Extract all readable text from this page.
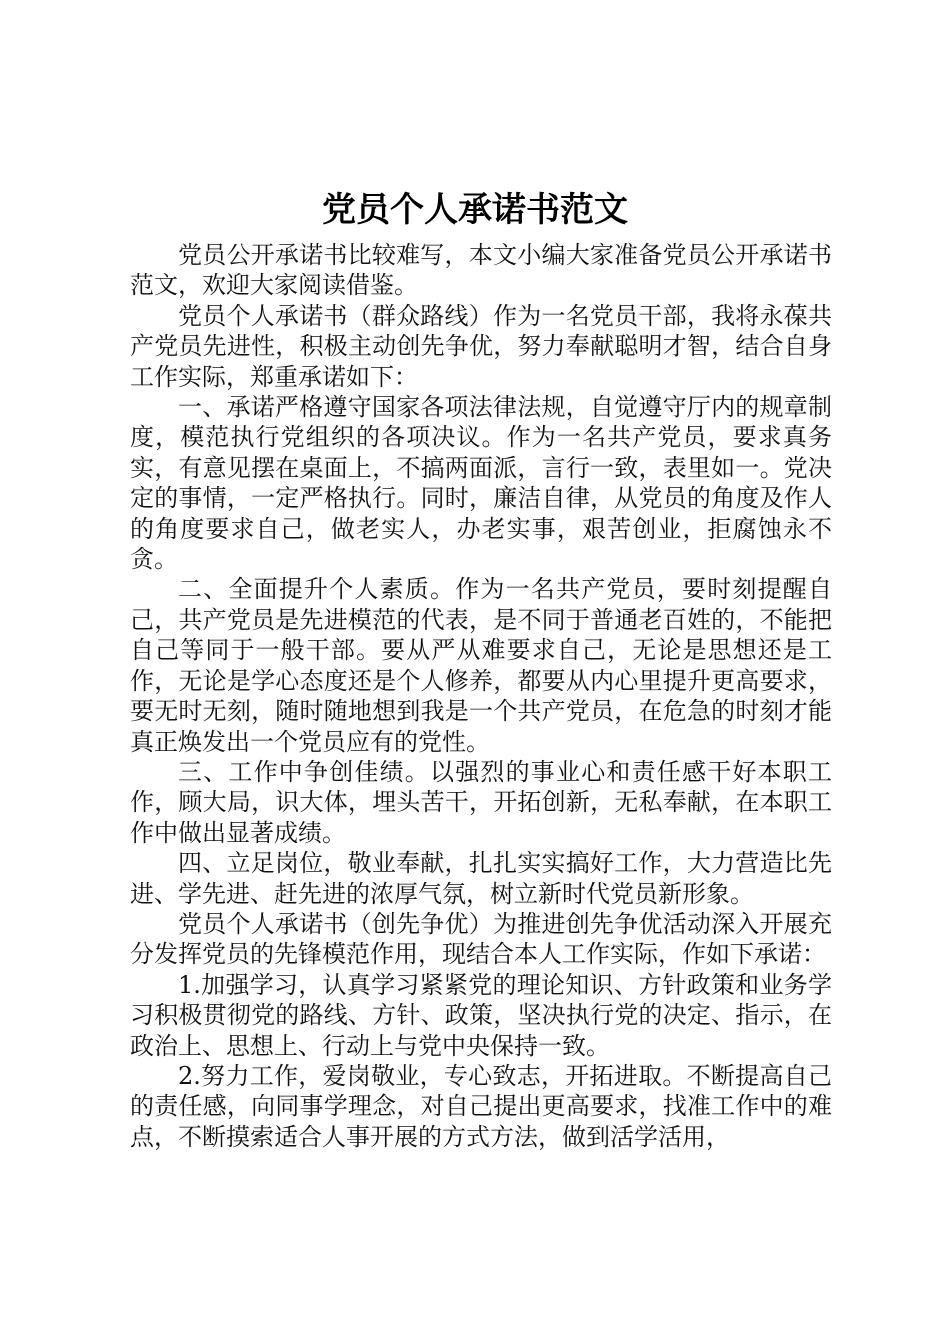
党员个人承诺书范文

党员公开承诺书比较难写，本文小编大家准备党员公开承诺书范文，欢迎大家阅读借鉴。

党员个人承诺书（群众路线）作为一名党员干部，我将永葆共产党员先进性，积极主动创先争优，努力奉献聪明才智，结合自身工作实际，郑重承诺如下：

一、承诺严格遵守国家各项法律法规，自觉遵守厅内的规章制度，模范执行党组织的各项决议。作为一名共产党员，要求真务实，有意见摆在桌面上，不搞两面派，言行一致，表里如一。党决定的事情，一定严格执行。同时，廉洁自律，从党员的角度及作人的角度要求自己，做老实人，办老实事，艰苦创业，拒腐蚀永不贪。

二、全面提升个人素质。作为一名共产党员，要时刻提醒自己，共产党员是先进模范的代表，是不同于普通老百姓的，不能把自己等同于一般干部。要从严从难要求自己，无论是思想还是工作，无论是学心态度还是个人修养，都要从内心里提升更高要求，要无时无刻，随时随地想到我是一个共产党员，在危急的时刻才能真正焕发出一个党员应有的党性。

三、工作中争创佳绩。以强烈的事业心和责任感干好本职工作，顾大局，识大体，埋头苦干，开拓创新，无私奉献，在本职工作中做出显著成绩。

四、立足岗位，敬业奉献，扎扎实实搞好工作，大力营造比先进、学先进、赶先进的浓厚气氛，树立新时代党员新形象。

党员个人承诺书（创先争优）为推进创先争优活动深入开展充分发挥党员的先锋模范作用，现结合本人工作实际，作如下承诺：

1.加强学习，认真学习紧紧党的理论知识、方针政策和业务学习积极贯彻党的路线、方针、政策，坚决执行党的决定、指示，在政治上、思想上、行动上与党中央保持一致。

2.努力工作，爱岗敬业，专心致志，开拓进取。不断提高自己的责任感，向同事学理念，对自己提出更高要求，找准工作中的难点，不断摸索适合人事开展的方式方法，做到活学活用，
